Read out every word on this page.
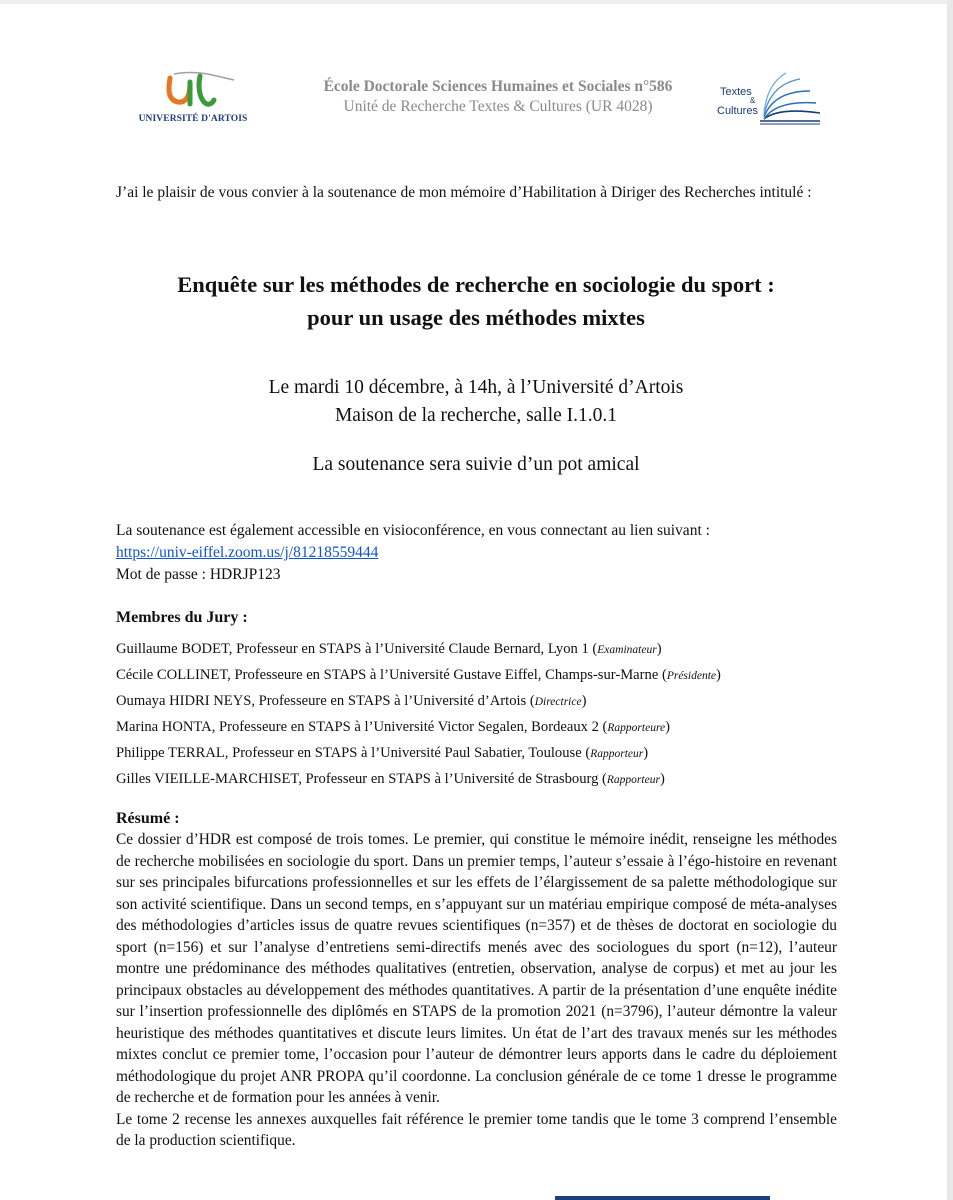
UNIVERSITÉ D'ARTOIS
École Doctorale Sciences Humaines et Sociales n°586
Unité de Recherche Textes & Cultures (UR 4028)
Textes
&
Cultures
J’ai le plaisir de vous convier à la soutenance de mon mémoire d’Habilitation à Diriger des Recherches intitulé :
Enquête sur les méthodes de recherche en sociologie du sport :
pour un usage des méthodes mixtes
Le mardi 10 décembre, à 14h, à l’Université d’Artois
Maison de la recherche, salle I.1.0.1
La soutenance sera suivie d’un pot amical
La soutenance est également accessible en visioconférence, en vous connectant au lien suivant :
https://univ-eiffel.zoom.us/j/81218559444
Mot de passe : HDRJP123
Membres du Jury :
Guillaume BODET, Professeur en STAPS à l’Université Claude Bernard, Lyon 1 (Examinateur)
Cécile COLLINET, Professeure en STAPS à l’Université Gustave Eiffel, Champs-sur-Marne (Présidente)
Oumaya HIDRI NEYS, Professeure en STAPS à l’Université d’Artois (Directrice)
Marina HONTA, Professeure en STAPS à l’Université Victor Segalen, Bordeaux 2 (Rapporteure)
Philippe TERRAL, Professeur en STAPS à l’Université Paul Sabatier, Toulouse (Rapporteur)
Gilles VIEILLE-MARCHISET, Professeur en STAPS à l’Université de Strasbourg (Rapporteur)
Résumé :

Ce dossier d’HDR est composé de trois tomes. Le premier, qui constitue le mémoire inédit, renseigne les méthodes de recherche mobilisées en sociologie du sport. Dans un premier temps, l’auteur s’essaie à l’égo-histoire en revenant sur ses principales bifurcations professionnelles et sur les effets de l’élargissement de sa palette méthodologique sur son activité scientifique. Dans un second temps, en s’appuyant sur un matériau empirique composé de méta-analyses des méthodologies d’articles issus de quatre revues scientifiques (n=357) et de thèses de doctorat en sociologie du sport (n=156) et sur l’analyse d’entretiens semi-directifs menés avec des sociologues du sport (n=12), l’auteur montre une prédominance des méthodes qualitatives (entretien, observation, analyse de corpus) et met au jour les principaux obstacles au développement des méthodes quantitatives. A partir de la présentation d’une enquête inédite sur l’insertion professionnelle des diplômés en STAPS de la promotion 2021 (n=3796), l’auteur démontre la valeur heuristique des méthodes quantitatives et discute leurs limites. Un état de l’art des travaux menés sur les méthodes mixtes conclut ce premier tome, l’occasion pour l’auteur de démontrer leurs apports dans le cadre du déploiement méthodologique du projet ANR PROPA qu’il coordonne. La conclusion générale de ce tome 1 dresse le programme de recherche et de formation pour les années à venir.

Le tome 2 recense les annexes auxquelles fait référence le premier tome tandis que le tome 3 comprend l’ensemble de la production scientifique.
